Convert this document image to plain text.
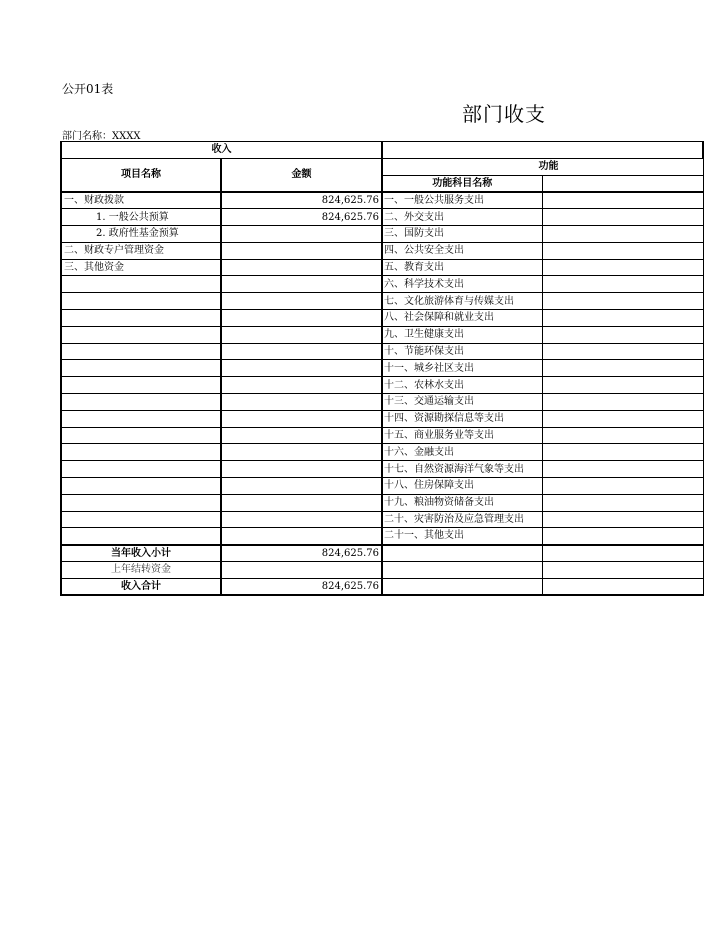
公开01表
部门收支
部门名称：XXXX
收入			
项目名称	金额	功能	
		功能科目名称	
一、财政拨款	824,625.76	一、一般公共服务支出	
1. 一般公共预算	824,625.76	二、外交支出	
2. 政府性基金预算		三、国防支出	
二、财政专户管理资金		四、公共安全支出	
三、其他资金		五、教育支出	
		六、科学技术支出	
		七、文化旅游体育与传媒支出	
		八、社会保障和就业支出	
		九、卫生健康支出	
		十、节能环保支出	
		十一、城乡社区支出	
		十二、农林水支出	
		十三、交通运输支出	
		十四、资源勘探信息等支出	
		十五、商业服务业等支出	
		十六、金融支出	
		十七、自然资源海洋气象等支出	
		十八、住房保障支出	
		十九、粮油物资储备支出	
		二十、灾害防治及应急管理支出	
		二十一、其他支出	
当年收入小计	824,625.76		
上年结转资金			
收入合计	824,625.76		
